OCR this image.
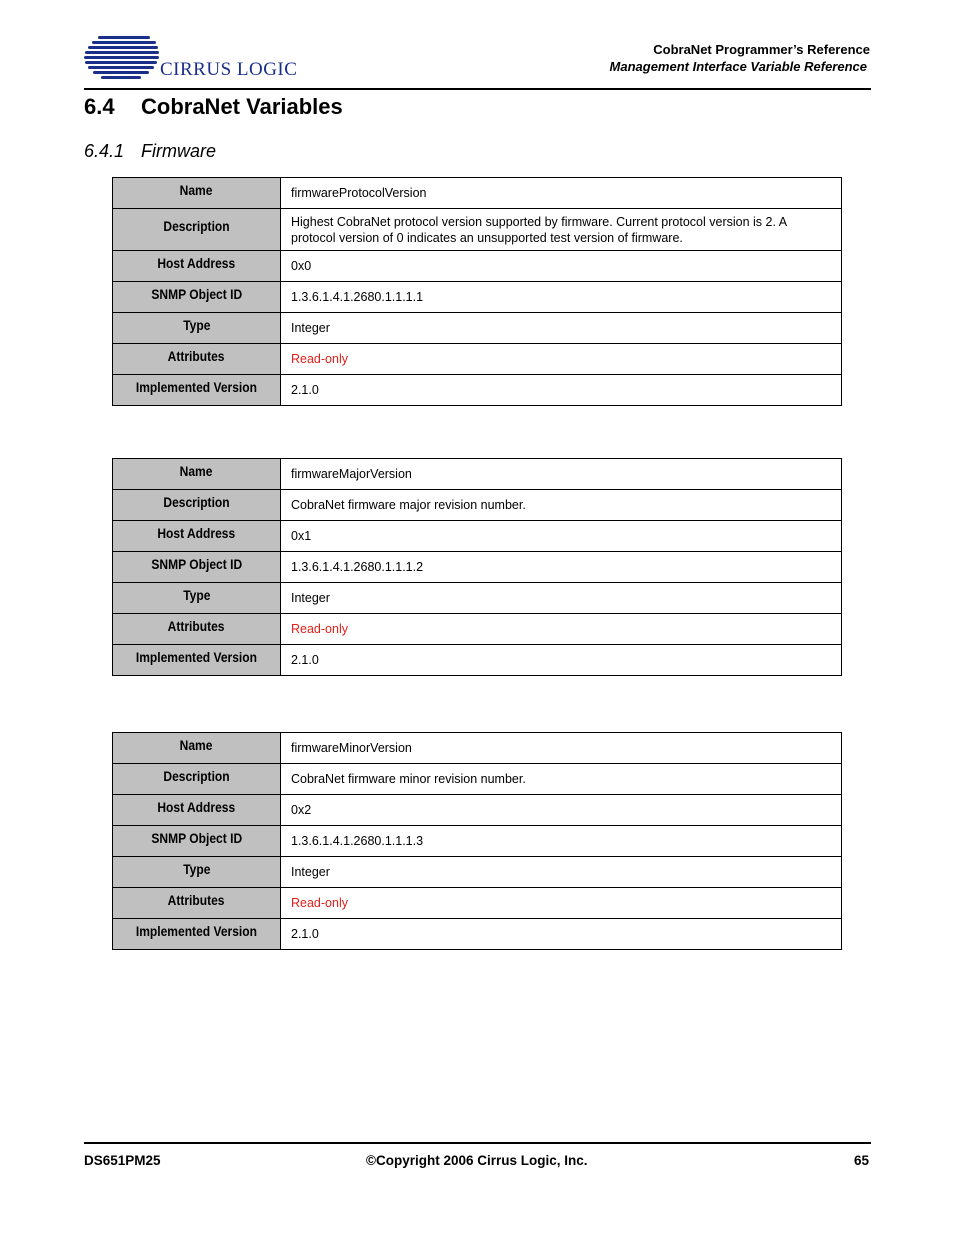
CIRRUS LOGIC
CobraNet Programmer’s Reference
Management Interface Variable Reference
6.4 CobraNet Variables
6.4.1 Firmware
Name	firmwareProtocolVersion
Description	Highest CobraNet protocol version supported by firmware. Current protocol version is 2. A protocol version of 0 indicates an unsupported test version of firmware.
Host Address	0x0
SNMP Object ID	1.3.6.1.4.1.2680.1.1.1.1
Type	Integer
Attributes	Read-only
Implemented Version	2.1.0
Name	firmwareMajorVersion
Description	CobraNet firmware major revision number.
Host Address	0x1
SNMP Object ID	1.3.6.1.4.1.2680.1.1.1.2
Type	Integer
Attributes	Read-only
Implemented Version	2.1.0
Name	firmwareMinorVersion
Description	CobraNet firmware minor revision number.
Host Address	0x2
SNMP Object ID	1.3.6.1.4.1.2680.1.1.1.3
Type	Integer
Attributes	Read-only
Implemented Version	2.1.0
DS651PM25	©Copyright 2006 Cirrus Logic, Inc.	65
